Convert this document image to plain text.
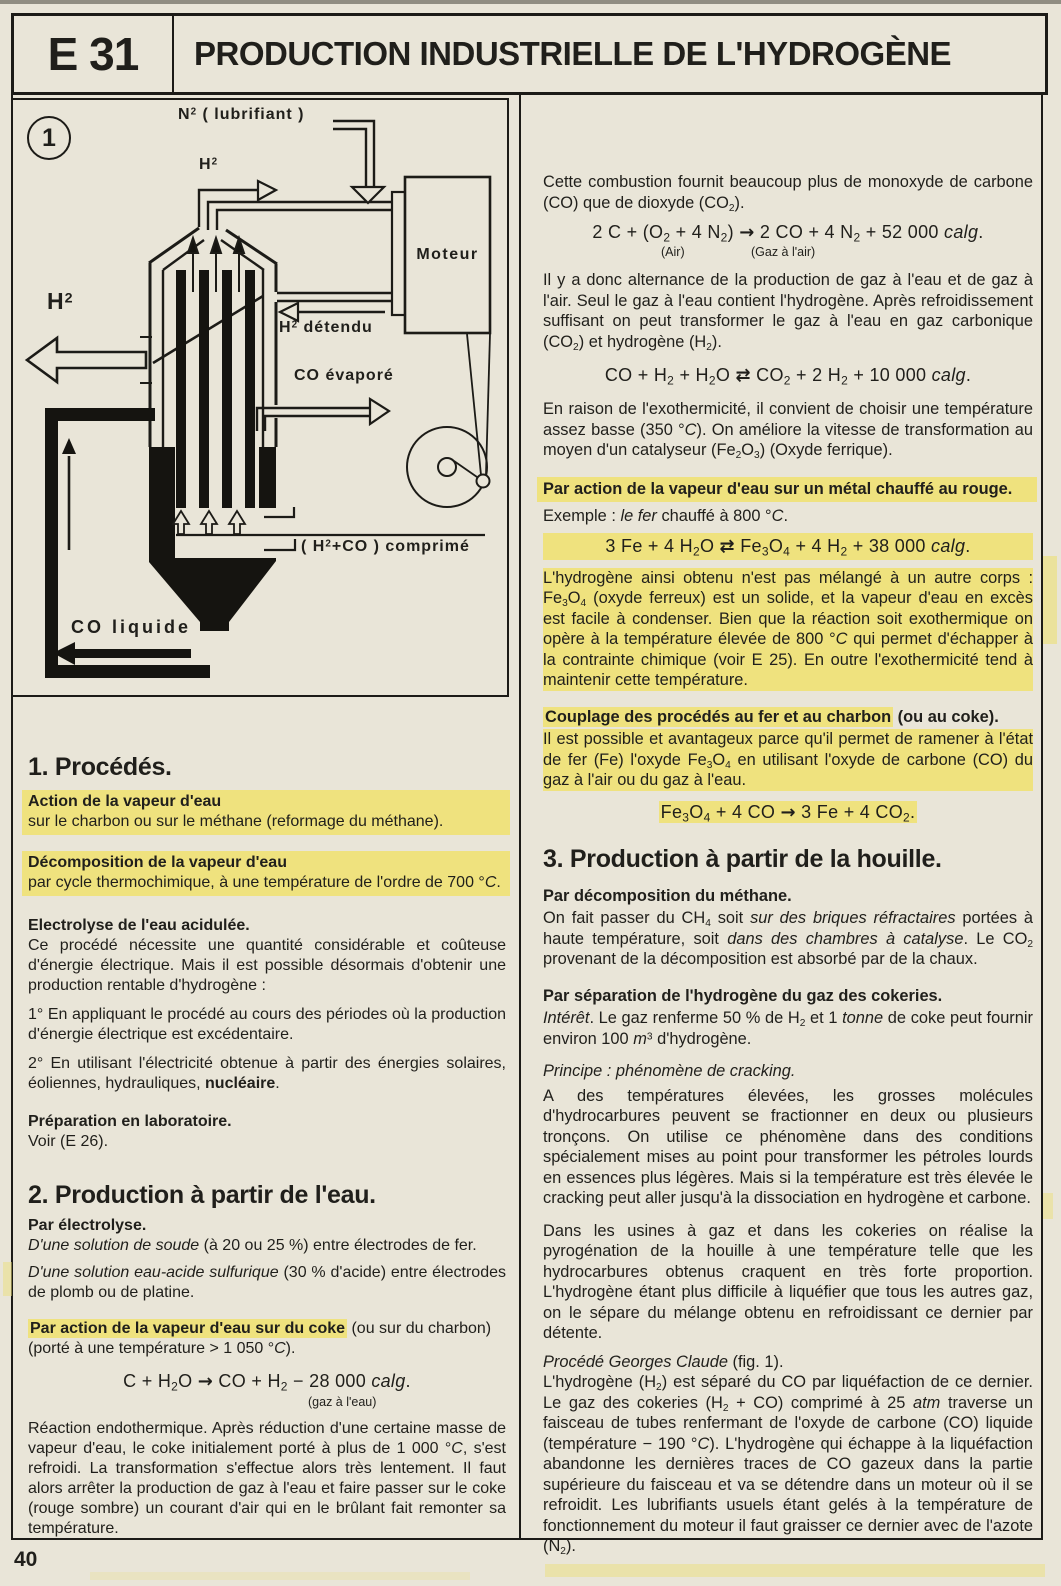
E 31	PRODUCTION INDUSTRIELLE DE L'HYDROGÈNE
1
$N^2$ ( lubrifiant )
$H^2$
Moteur
$H^2$
$H^2$ détendu
CO évaporé
( $H^2+CO$ ) comprimé
CO liquide
1. Procédés.
Action de la vapeur d'eau
sur le charbon ou sur le méthane (reformage du méthane).
Décomposition de la vapeur d'eau
par cycle thermochimique, à une température de l'ordre de 700 °C.
Electrolyse de l'eau acidulée.
Ce procédé nécessite une quantité considérable et coûteuse d'énergie électrique. Mais il est possible désormais d'obtenir une production rentable d'hydrogène :
1° En appliquant le procédé au cours des périodes où la production d'énergie électrique est excédentaire.
2° En utilisant l'électricité obtenue à partir des énergies solaires, éoliennes, hydrauliques, nucléaire.
Préparation en laboratoire.
Voir (E 26).
2. Production à partir de l'eau.
Par électrolyse.
D'une solution de soude (à 20 ou 25 %) entre électrodes de fer.
D'une solution eau-acide sulfurique (30 % d'acide) entre électrodes de plomb ou de platine.
Par action de la vapeur d'eau sur du coke (ou sur du charbon)
(porté à une température > 1 050 °C).
$C + H_2O$ → CO + $H_2 - 28$ 000 calg.
(gaz à l'eau)
Réaction endothermique. Après réduction d'une certaine masse de vapeur d'eau, le coke initialement porté à plus de 1 000 °C, s'est refroidi. La transformation s'effectue alors très lentement. Il faut alors arrêter la production de gaz à l'eau et faire passer sur le coke (rouge sombre) un courant d'air qui en le brûlant fait remonter sa température.
Cette combustion fournit beaucoup plus de monoxyde de carbone (CO) que de dioxyde $(CO_2)$.
2 $C + (O_2 + 4$ $N_2) \to 2$ CO + 4 $N_2 + 52$ 000 calg.
(Air)	(Gaz à l'air)
Il y a donc alternance de la production de gaz à l'eau et de gaz à l'air. Seul le gaz à l'eau contient l'hydrogène. Après refroidissement suffisant on peut transformer le gaz à l'eau en gaz carbonique $(CO_2)$ et hydrogène $(H_2)$.
CO + $H_2 + H_2O$ ⇄ $CO_2 + 2$ $H_2 + 10$ 000 calg.
En raison de l'exothermicité, il convient de choisir une température assez basse (350 °C). On améliore la vitesse de transformation au moyen d'un catalyseur $(Fe_2O_3)$ (Oxyde ferrique).
Par action de la vapeur d'eau sur un métal chauffé au rouge.
Exemple : le fer chauffé à 800 °C.
3 Fe + 4 $H_2O$ ⇄ $Fe_3O_4 + 4$ $H_2 + 38$ 000 calg.
L'hydrogène ainsi obtenu n'est pas mélangé à un autre corps : $Fe_3O_4$ (oxyde ferreux) est un solide, et la vapeur d'eau en excès est facile à condenser. Bien que la réaction soit exothermique on opère à la température élevée de 800 °C qui permet d'échapper à la contrainte chimique (voir E 25). En outre l'exothermicité tend à maintenir cette température.
Couplage des procédés au fer et au charbon (ou au coke).
Il est possible et avantageux parce qu'il permet de ramener à l'état de fer (Fe) l'oxyde $Fe_3O_4$ en utilisant l'oxyde de carbone (CO) du gaz à l'air ou du gaz à l'eau.
$Fe_3O_4 + 4$ CO → 3 Fe + 4 $CO_2$.
3. Production à partir de la houille.
Par décomposition du méthane.
On fait passer du $CH_4$ soit sur des briques réfractaires portées à haute température, soit dans des chambres à catalyse. Le $CO_2$ provenant de la décomposition est absorbé par de la chaux.
Par séparation de l'hydrogène du gaz des cokeries.
Intérêt. Le gaz renferme 50 % de $H_2$ et 1 tonne de coke peut fournir environ 100 $m^3$ d'hydrogène.
Principe : phénomène de cracking.
A des températures élevées, les grosses molécules d'hydrocarbures peuvent se fractionner en deux ou plusieurs tronçons. On utilise ce phénomène dans des conditions spécialement mises au point pour transformer les pétroles lourds en essences plus légères. Mais si la température est très élevée le cracking peut aller jusqu'à la dissociation en hydrogène et carbone.
Dans les usines à gaz et dans les cokeries on réalise la pyrogénation de la houille à une température telle que les hydrocarbures obtenus craquent en très forte proportion. L'hydrogène étant plus difficile à liquéfier que tous les autres gaz, on le sépare du mélange obtenu en refroidissant ce dernier par détente.
Procédé Georges Claude (fig. 1).
L'hydrogène $(H_2)$ est séparé du CO par liquéfaction de ce dernier. Le gaz des cokeries $(H_2 + CO)$ comprimé à 25 atm traverse un faisceau de tubes renfermant de l'oxyde de carbone (CO) liquide (température − 190 °C). L'hydrogène qui échappe à la liquéfaction abandonne les dernières traces de CO gazeux dans la partie supérieure du faisceau et va se détendre dans un moteur où il se refroidit. Les lubrifiants usuels étant gelés à la température de fonctionnement du moteur il faut graisser ce dernier avec de l'azote $(N_2)$.
40
